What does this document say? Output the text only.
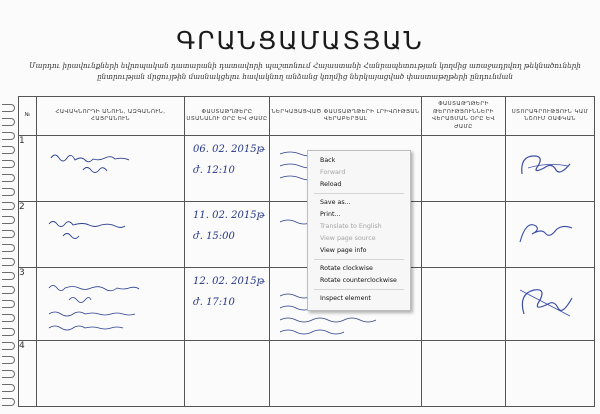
ԳՐԱՆՑԱՄԱՏՅԱՆ
Մարդու իրավունքների եվրոպական դատարանի դատավորի պաշտոնում Հայաստանի Հանրապետության կողմից առաջադրվող թեկնածուների ընտրության մրցույթին մասնակցելու հավակնող անձանց կողմից ներկայացված փաստաթղթերի ընդունման
№	ՀԱՎԱԿՆՈՐԴԻ ԱՆՈՒՆ, ԱԶԳԱՆՈՒՆ, ՀԱՅՐԱՆՈՒՆ	ՓԱՍՏԱԹՂԹԵՐԸ ՍՏԱՆԱԼՈՒ ՕՐԸ ԵՎ ԺԱՄԸ	ՆԵՐԿԱՅԱՑՎԱԾ ՓԱՍՏԱԹՂԹԵՐԻ ԼՐԻՎՈՒԹՅԱՆ ՎԵՐԱԲԵՐՅԱԼ	ՓԱՍՏԱԹՂԹԵՐԻ ԹԵՐՈՒԹՅՈՒՆՆԵՐԻ ՎԵՐԱՑՄԱՆ ՕՐԸ ԵՎ ԺԱՄԸ	ՍՏՈՐԱԳՐՈՒԹՅՈՒՆ ԿԱՄ ՆՇՈՒՄ ՕԱՓԿԱՆ
1		06. 02. 2015թ
ժ. 12:10

2		11. 02. 2015թ
ժ. 15:00

3		12. 02. 2015թ
ժ. 17:10

4					
Back
Forward
Reload
Save as...
Print...
Translate to English
View page source
View page info
Rotate clockwise
Rotate counterclockwise
Inspect element
